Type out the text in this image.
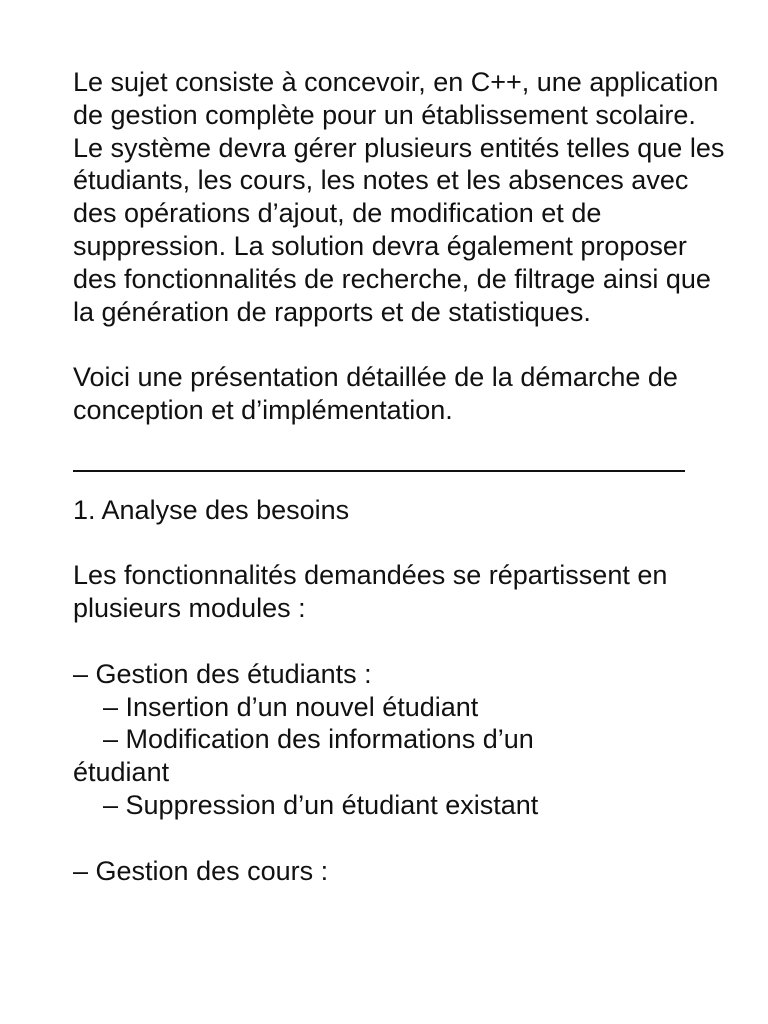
Le sujet consiste à concevoir, en C++, une application de gestion complète pour un établissement scolaire. Le système devra gérer plusieurs entités telles que les étudiants, les cours, les notes et les absences avec des opérations d’ajout, de modification et de suppression. La solution devra également proposer des fonctionnalités de recherche, de filtrage ainsi que la génération de rapports et de statistiques.

Voici une présentation détaillée de la démarche de conception et d’implémentation.

1. Analyse des besoins

Les fonctionnalités demandées se répartissent en plusieurs modules :

– Gestion des étudiants :

– Insertion d’un nouvel étudiant

– Modification des informations d’un

étudiant

– Suppression d’un étudiant existant

– Gestion des cours :
